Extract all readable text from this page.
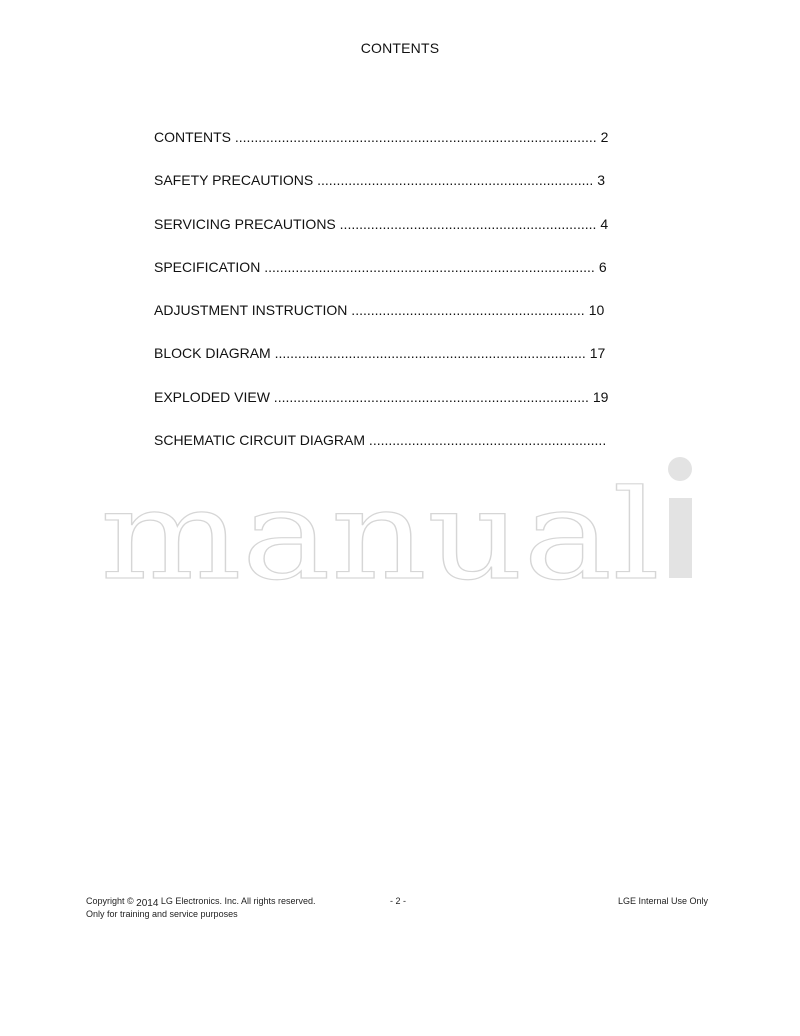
CONTENTS
CONTENTS ............................................................................................. 2
SAFETY PRECAUTIONS ....................................................................... 3
SERVICING PRECAUTIONS .................................................................. 4
SPECIFICATION ..................................................................................... 6
ADJUSTMENT INSTRUCTION ............................................................ 10
BLOCK DIAGRAM ................................................................................ 17
EXPLODED VIEW ................................................................................. 19
SCHEMATIC CIRCUIT DIAGRAM .............................................................
manual
Copyright © 2014 LG Electronics. Inc. All rights reserved.
Only for training and service purposes
- 2 -	LGE Internal Use Only
